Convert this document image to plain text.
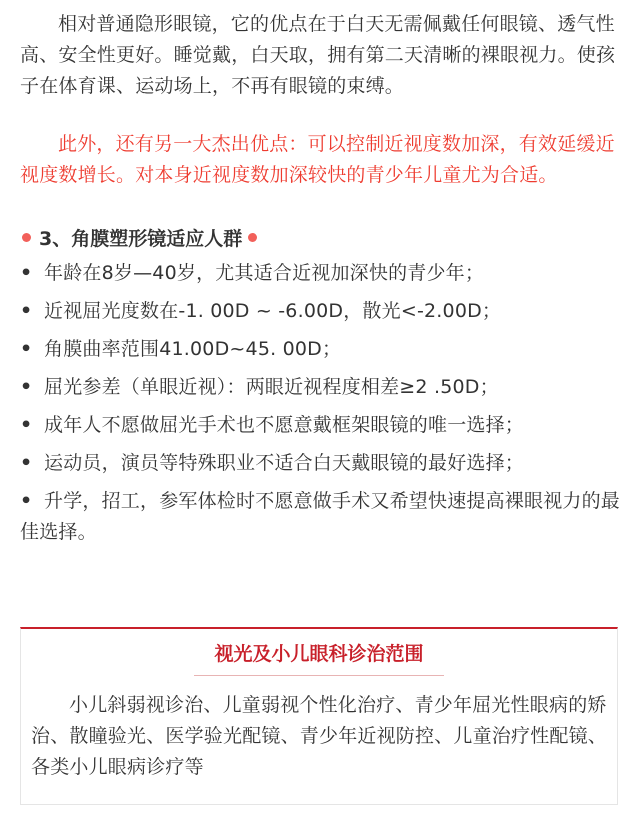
相对普通隐形眼镜，它的优点在于白天无需佩戴任何眼镜、透气性高、安全性更好。睡觉戴，白天取，拥有第二天清晰的裸眼视力。使孩子在体育课、运动场上，不再有眼镜的束缚。

此外，还有另一大杰出优点：可以控制近视度数加深，有效延缓近视度数增长。对本身近视度数加深较快的青少年儿童尤为合适。

3、角膜塑形镜适应人群
• 年龄在8岁—40岁，尤其适合近视加深快的青少年；
• 近视屈光度数在-1. 00D ~ -6.00D，散光<-2.00D；
• 角膜曲率范围41.00D~45. 00D；
• 屈光参差（单眼近视）：两眼近视程度相差≥2 .50D；
• 成年人不愿做屈光手术也不愿意戴框架眼镜的唯一选择；
• 运动员，演员等特殊职业不适合白天戴眼镜的最好选择；
• 升学，招工，参军体检时不愿意做手术又希望快速提高裸眼视力的最佳选择。
视光及小儿眼科诊治范围

小儿斜弱视诊治、儿童弱视个性化治疗、青少年屈光性眼病的矫治、散瞳验光、医学验光配镜、青少年近视防控、儿童治疗性配镜、各类小儿眼病诊疗等
